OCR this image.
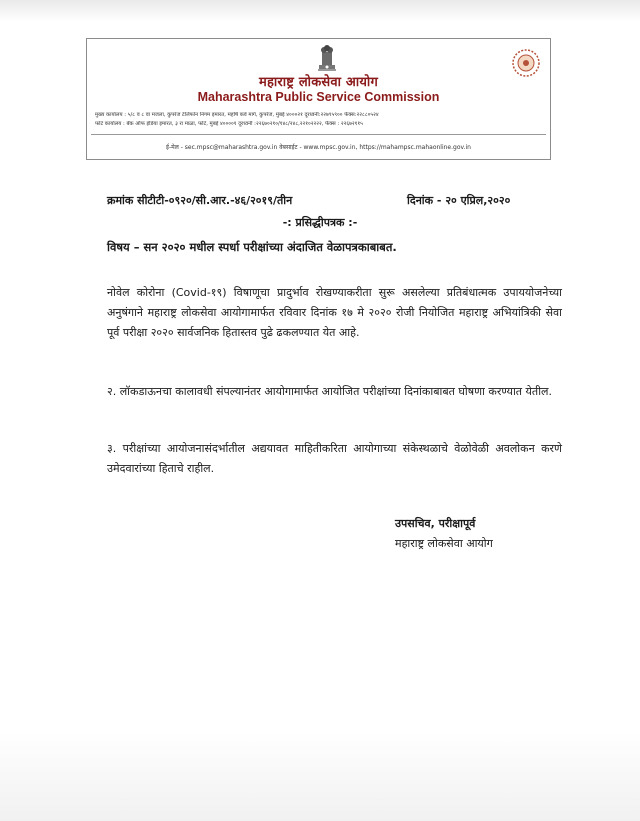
महाराष्ट्र लोकसेवा आयोग
Maharashtra Public Service Commission
मुख्य कार्यालय : ५/८ व ८ वा मजला, कुपरेज टेलिफोन निगम इमारत, महर्षि कर्वे मार्ग, कुपरेज, मुंबई ४०००२१ दूरध्वनी:२२७९५९०० फॅक्स:२२८८०५२४
फोर्ट कार्यालय : बँक ऑफ इंडिया इमारत, ३ रा माळा, फोर्ट, मुंबई ४००००१ दूरध्वनी :२२६७०२१०/१४८/२४८,२२१०२२२२, फॅक्स : २२६७२११५
ई-मेल - sec.mpsc@maharashtra.gov.in वेबसाईट - www.mpsc.gov.in, https://mahampsc.mahaonline.gov.in
क्रमांक सीटीटी-०९२०/सी.आर.-४६/२०१९/तीन	दिनांक - २० एप्रिल,२०२०
-: प्रसिद्धीपत्रक :-
विषय – सन २०२० मधील स्पर्धा परीक्षांच्या अंदाजित वेळापत्रकाबाबत.
नोवेल कोरोना (Covid-१९) विषाणूचा प्रादुर्भाव रोखण्याकरीता सुरू असलेल्या प्रतिबंधात्मक उपाययोजनेच्या अनुषंगाने महाराष्ट्र लोकसेवा आयोगामार्फत रविवार दिनांक १७ मे २०२० रोजी नियोजित महाराष्ट्र अभियांत्रिकी सेवा पूर्व परीक्षा २०२० सार्वजनिक हितास्तव पुढे ढकलण्यात येत आहे.
२. लॉकडाऊनचा कालावधी संपल्यानंतर आयोगामार्फत आयोजित परीक्षांच्या दिनांकाबाबत घोषणा करण्यात येतील.
३. परीक्षांच्या आयोजनासंदर्भातील अद्ययावत माहितीकरिता आयोगाच्या संकेस्थळाचे वेळोवेळी अवलोकन करणे उमेदवारांच्या हिताचे राहील.
उपसचिव, परीक्षापूर्व
महाराष्ट्र लोकसेवा आयोग
